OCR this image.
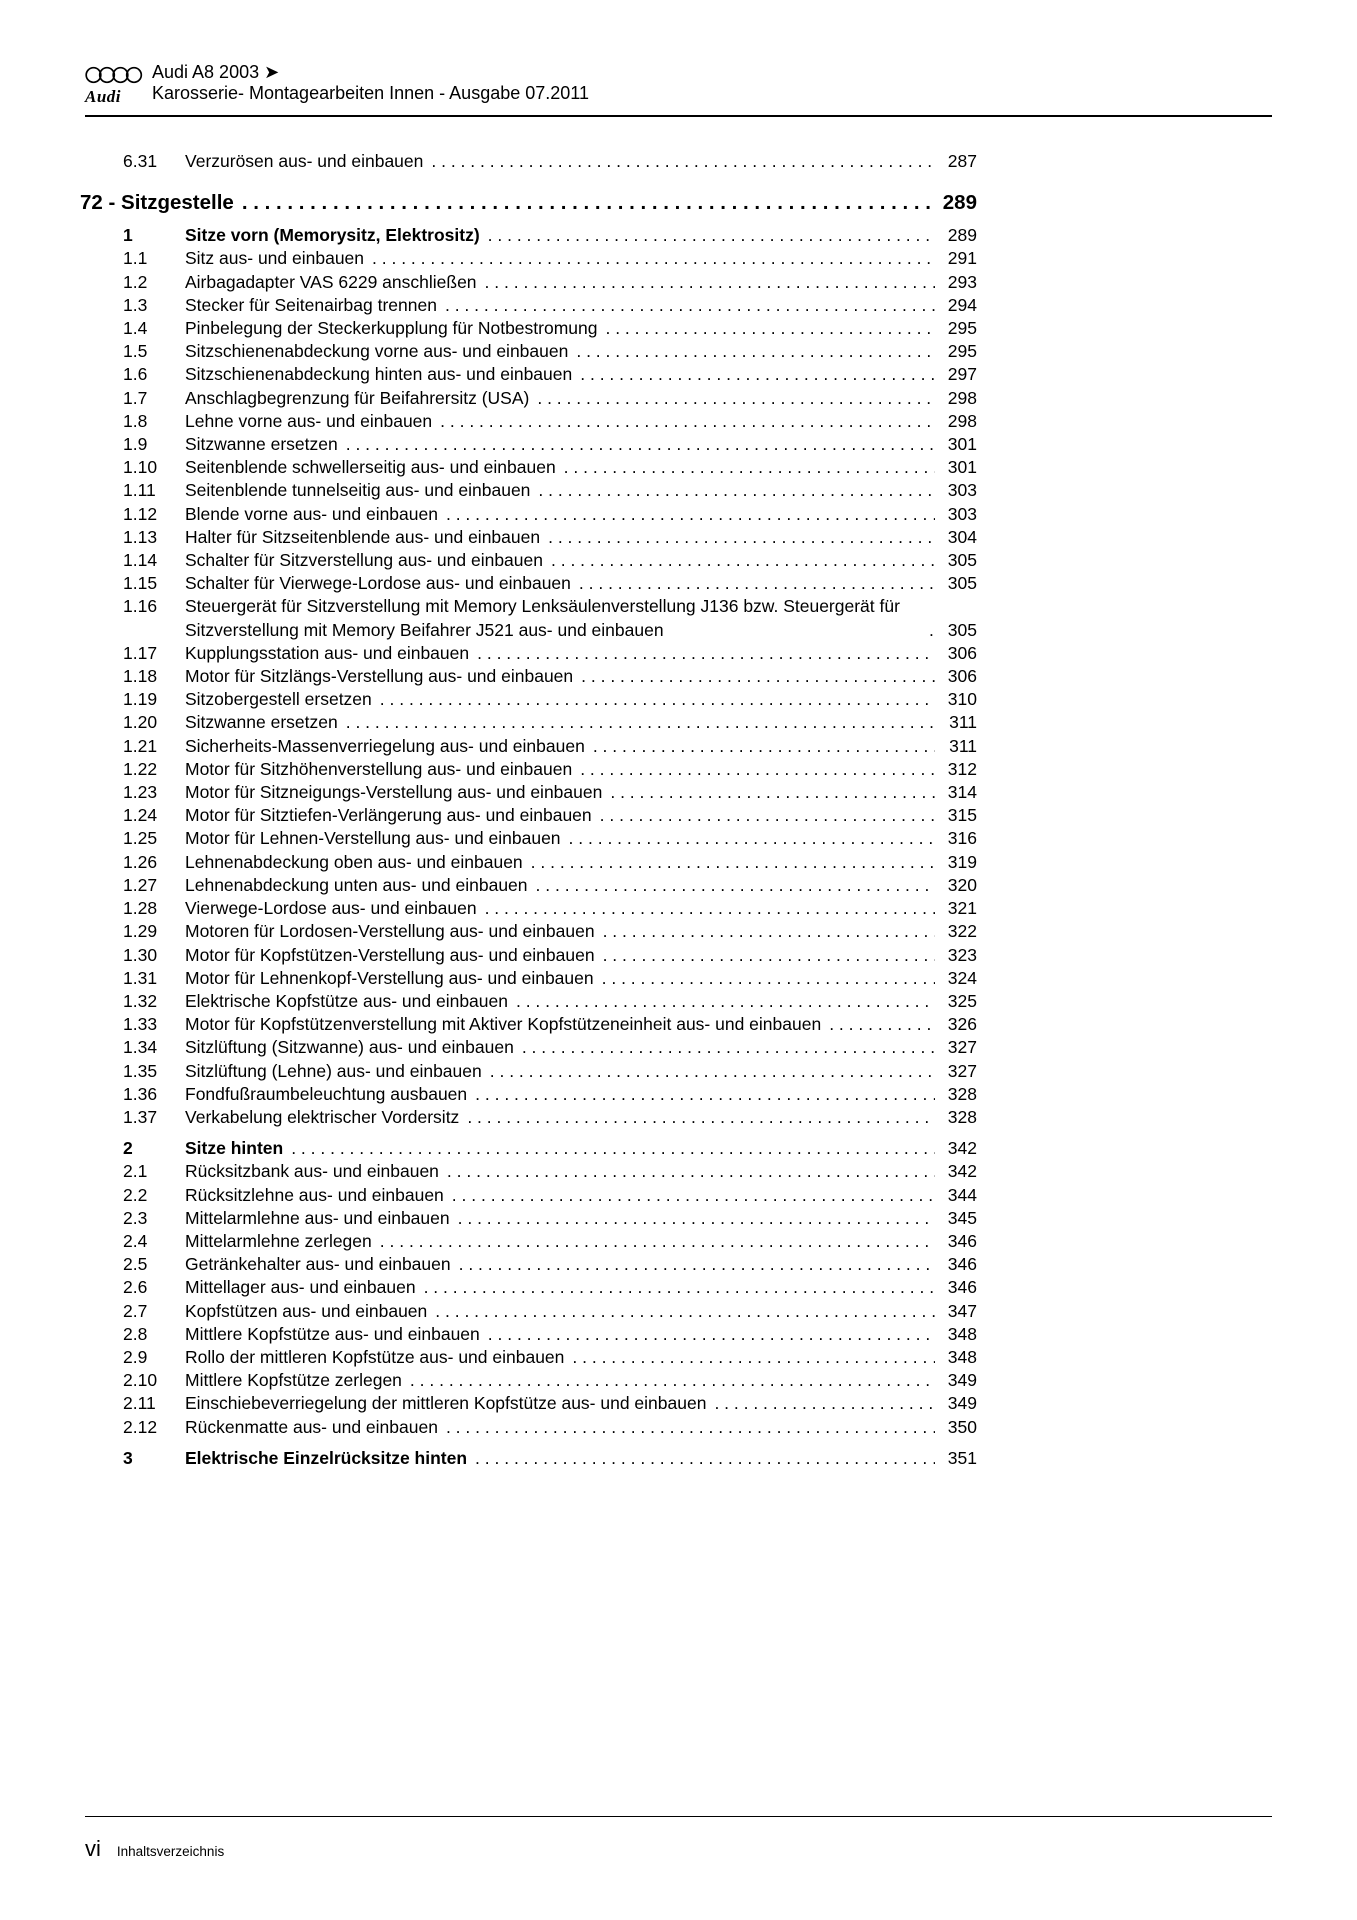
Audi
Audi A8 2003 ➤
Karosserie- Montagearbeiten Innen - Ausgabe 07.2011
6.31	Verzurösen aus- und einbauen . . .	287
72 - Sitzgestelle . . .	289
1	Sitze vorn (Memorysitz, Elektrositz) . . .	289
1.1	Sitz aus- und einbauen . . .	291
1.2	Airbagadapter VAS 6229 anschließen . . .	293
1.3	Stecker für Seitenairbag trennen . . .	294
1.4	Pinbelegung der Steckerkupplung für Notbestromung . . .	295
1.5	Sitzschienenabdeckung vorne aus- und einbauen . . .	295
1.6	Sitzschienenabdeckung hinten aus- und einbauen . . .	297
1.7	Anschlagbegrenzung für Beifahrersitz (USA) . . .	298
1.8	Lehne vorne aus- und einbauen . . .	298
1.9	Sitzwanne ersetzen . . .	301
1.10	Seitenblende schwellerseitig aus- und einbauen . . .	301
1.11	Seitenblende tunnelseitig aus- und einbauen . . .	303
1.12	Blende vorne aus- und einbauen . . .	303
1.13	Halter für Sitzseitenblende aus- und einbauen . . .	304
1.14	Schalter für Sitzverstellung aus- und einbauen . . .	305
1.15	Schalter für Vierwege-Lordose aus- und einbauen . . .	305
1.16	Steuergerät für Sitzverstellung mit Memory Lenksäulenverstellung J136 bzw. Steuergerät für Sitzverstellung mit Memory Beifahrer J521 aus- und einbauen . . .	305
1.17	Kupplungsstation aus- und einbauen . . .	306
1.18	Motor für Sitzlängs-Verstellung aus- und einbauen . . .	306
1.19	Sitzobergestell ersetzen . . .	310
1.20	Sitzwanne ersetzen . . .	311
1.21	Sicherheits-Massenverriegelung aus- und einbauen . . .	311
1.22	Motor für Sitzhöhenverstellung aus- und einbauen . . .	312
1.23	Motor für Sitzneigungs-Verstellung aus- und einbauen . . .	314
1.24	Motor für Sitztiefen-Verlängerung aus- und einbauen . . .	315
1.25	Motor für Lehnen-Verstellung aus- und einbauen . . .	316
1.26	Lehnenabdeckung oben aus- und einbauen . . .	319
1.27	Lehnenabdeckung unten aus- und einbauen . . .	320
1.28	Vierwege-Lordose aus- und einbauen . . .	321
1.29	Motoren für Lordosen-Verstellung aus- und einbauen . . .	322
1.30	Motor für Kopfstützen-Verstellung aus- und einbauen . . .	323
1.31	Motor für Lehnenkopf-Verstellung aus- und einbauen . . .	324
1.32	Elektrische Kopfstütze aus- und einbauen . . .	325
1.33	Motor für Kopfstützenverstellung mit Aktiver Kopfstützeneinheit aus- und einbauen . . .	326
1.34	Sitzlüftung (Sitzwanne) aus- und einbauen . . .	327
1.35	Sitzlüftung (Lehne) aus- und einbauen . . .	327
1.36	Fondfußraumbeleuchtung ausbauen . . .	328
1.37	Verkabelung elektrischer Vordersitz . . .	328
2	Sitze hinten . . .	342
2.1	Rücksitzbank aus- und einbauen . . .	342
2.2	Rücksitzlehne aus- und einbauen . . .	344
2.3	Mittelarmlehne aus- und einbauen . . .	345
2.4	Mittelarmlehne zerlegen . . .	346
2.5	Getränkehalter aus- und einbauen . . .	346
2.6	Mittellager aus- und einbauen . . .	346
2.7	Kopfstützen aus- und einbauen . . .	347
2.8	Mittlere Kopfstütze aus- und einbauen . . .	348
2.9	Rollo der mittleren Kopfstütze aus- und einbauen . . .	348
2.10	Mittlere Kopfstütze zerlegen . . .	349
2.11	Einschiebeverriegelung der mittleren Kopfstütze aus- und einbauen . . .	349
2.12	Rückenmatte aus- und einbauen . . .	350
3	Elektrische Einzelrücksitze hinten . . .	351
vi Inhaltsverzeichnis
